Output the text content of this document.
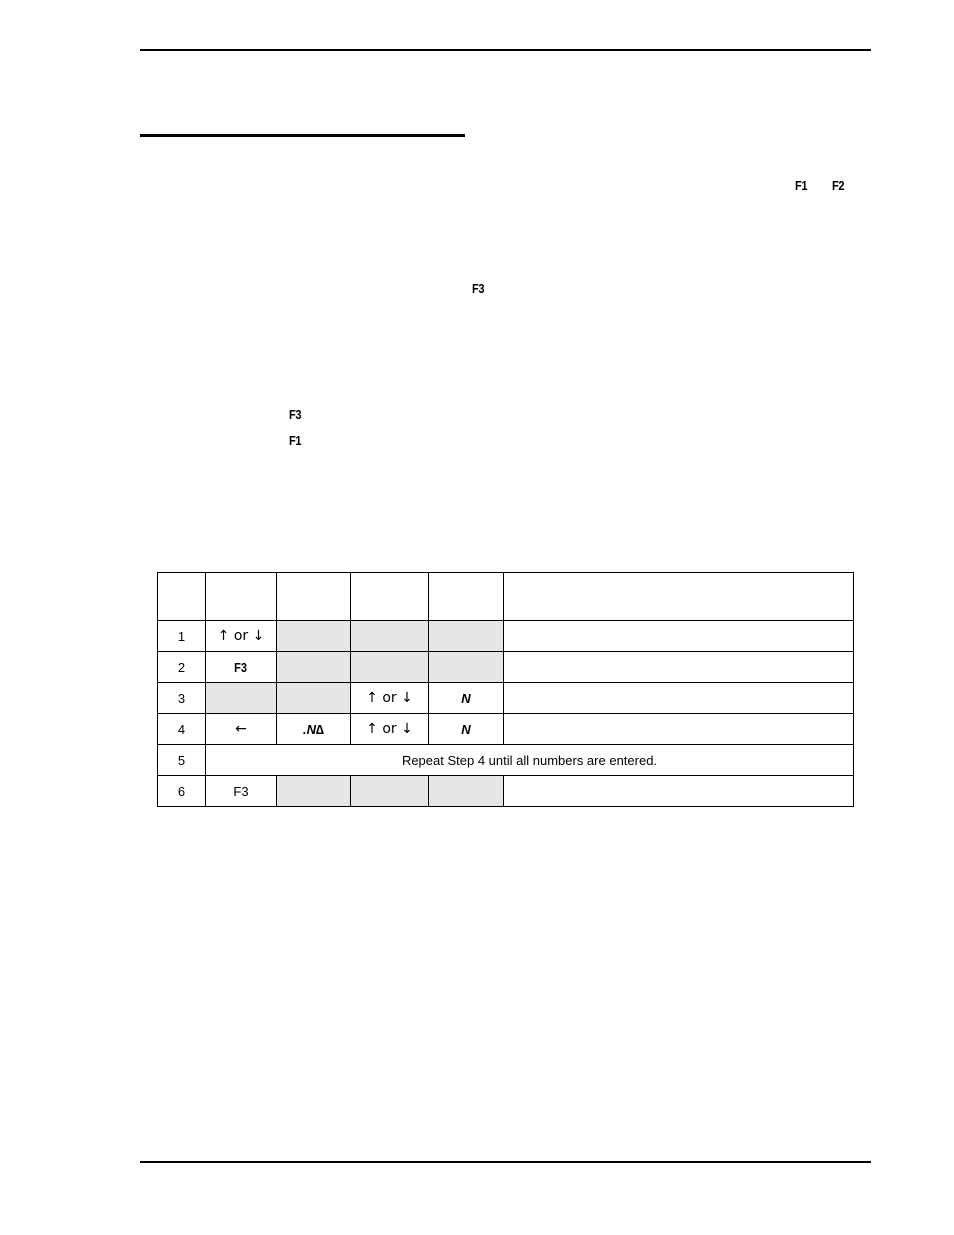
F1 F2
F3
F3
F1

1	↑ or ↓				
2	F3				
3			↑ or ↓	N	
4	←	.N∆	↑ or ↓	N	
5	Repeat Step 4 until all numbers are entered.				
6	F3				
